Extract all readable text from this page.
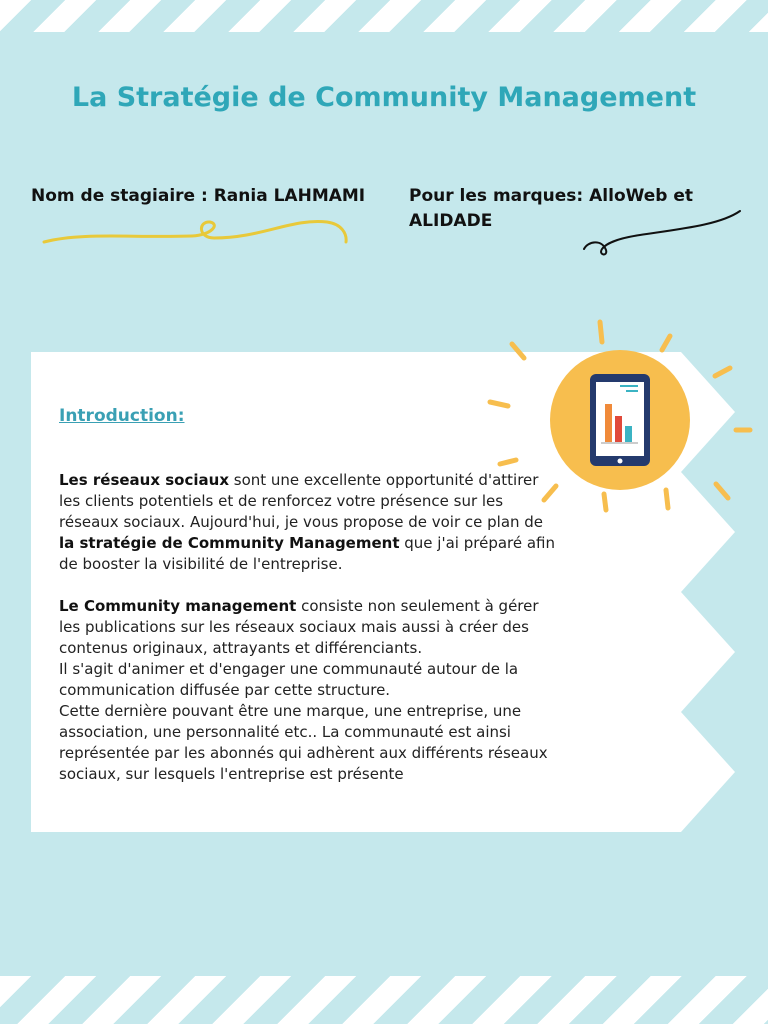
La Stratégie de Community Management
Nom de stagiaire : Rania LAHMAMI	Pour les marques: AlloWeb et ALIDADE

Introduction:

Les réseaux sociaux sont une excellente opportunité d'attirer les clients potentiels et de renforcez votre présence sur les réseaux sociaux. Aujourd'hui, je vous propose de voir ce plan de la stratégie de Community Management que j'ai préparé afin de booster la visibilité de l'entreprise.

Le Community management consiste non seulement à gérer les publications sur les réseaux sociaux mais aussi à créer des contenus originaux, attrayants et différenciants.
Il s'agit d'animer et d'engager une communauté autour de la communication diffusée par cette structure.
Cette dernière pouvant être une marque, une entreprise, une association, une personnalité etc.. La communauté est ainsi représentée par les abonnés qui adhèrent aux différents réseaux sociaux, sur lesquels l'entreprise est présente
